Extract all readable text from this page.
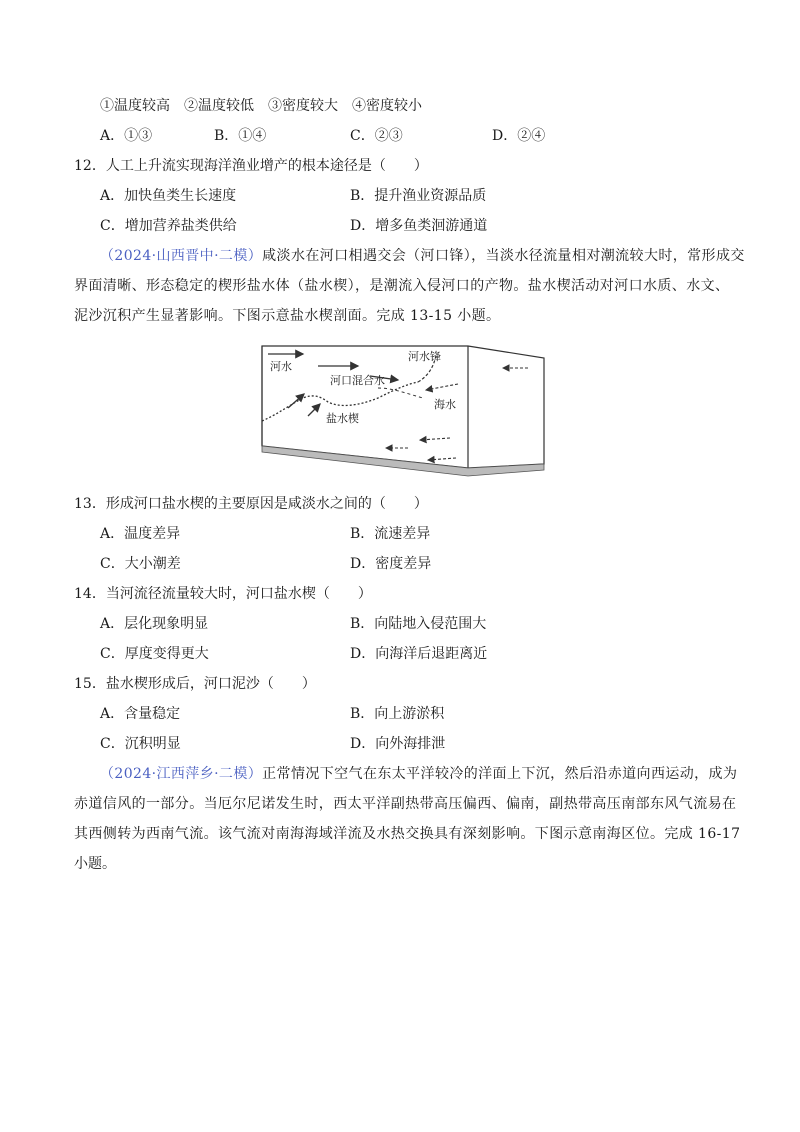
①温度较高　②温度较低　③密度较大　④密度较小
A．①③	B．①④	C．②③	D．②④
12．人工上升流实现海洋渔业增产的根本途径是（　　）
A．加快鱼类生长速度	B．提升渔业资源品质
C．增加营养盐类供给	D．增多鱼类洄游通道
（2024·山西晋中·二模）咸淡水在河口相遇交会（河口锋），当淡水径流量相对潮流较大时，常形成交
界面清晰、形态稳定的楔形盐水体（盐水楔），是潮流入侵河口的产物。盐水楔活动对河口水质、水文、
泥沙沉积产生显著影响。下图示意盐水楔剖面。完成 13-15 小题。
河水
河水锋
河口混合水
海水
盐水楔
13．形成河口盐水楔的主要原因是咸淡水之间的（　　）
A．温度差异	B．流速差异
C．大小潮差	D．密度差异
14．当河流径流量较大时，河口盐水楔（　　）
A．层化现象明显	B．向陆地入侵范围大
C．厚度变得更大	D．向海洋后退距离近
15．盐水楔形成后，河口泥沙（　　）
A．含量稳定	B．向上游淤积
C．沉积明显	D．向外海排泄
（2024·江西萍乡·二模）正常情况下空气在东太平洋较冷的洋面上下沉，然后沿赤道向西运动，成为
赤道信风的一部分。当厄尔尼诺发生时，西太平洋副热带高压偏西、偏南，副热带高压南部东风气流易在
其西侧转为西南气流。该气流对南海海域洋流及水热交换具有深刻影响。下图示意南海区位。完成 16-17
小题。
